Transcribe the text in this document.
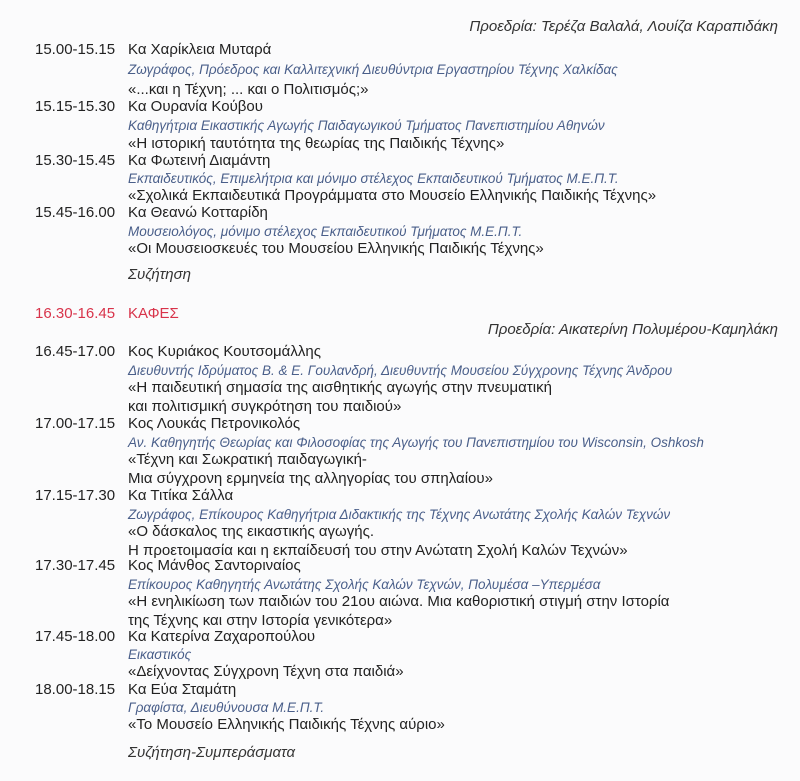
Προεδρία: Τερέζα Βαλαλά, Λουίζα Καραπιδάκη
15.00-15.15 Κα Χαρίκλεια Μυταρά
Ζωγράφος, Πρόεδρος και Καλλιτεχνική Διευθύντρια Εργαστηρίου Τέχνης Χαλκίδας
«...και η Τέχνη; ... και ο Πολιτισμός;»
15.15-15.30 Κα Ουρανία Κούβου
Καθηγήτρια Εικαστικής Αγωγής Παιδαγωγικού Τμήματος Πανεπιστημίου Αθηνών
«Η ιστορική ταυτότητα της θεωρίας της Παιδικής Τέχνης»
15.30-15.45 Κα Φωτεινή Διαμάντη
Εκπαιδευτικός, Επιμελήτρια και μόνιμο στέλεχος Εκπαιδευτικού Τμήματος Μ.Ε.Π.Τ.
«Σχολικά Εκπαιδευτικά Προγράμματα στο Μουσείο Ελληνικής Παιδικής Τέχνης»
15.45-16.00 Κα Θεανώ Κοτταρίδη
Μουσειολόγος, μόνιμο στέλεχος Εκπαιδευτικού Τμήματος Μ.Ε.Π.Τ.
«Οι Μουσειοσκευές του Μουσείου Ελληνικής Παιδικής Τέχνης»
Συζήτηση
16.30-16.45 ΚΑΦΕΣ
Προεδρία: Αικατερίνη Πολυμέρου-Καμηλάκη
16.45-17.00 Κος Κυριάκος Κουτσομάλλης
Διευθυντής Ιδρύματος Β. & Ε. Γουλανδρή, Διευθυντής Μουσείου Σύγχρονης Τέχνης Άνδρου
«Η παιδευτική σημασία της αισθητικής αγωγής στην πνευματική
και πολιτισμική συγκρότηση του παιδιού»
17.00-17.15 Κος Λουκάς Πετρονικολός
Αν. Καθηγητής Θεωρίας και Φιλοσοφίας της Αγωγής του Πανεπιστημίου του Wisconsin, Oshkosh
«Τέχνη και Σωκρατική παιδαγωγική-
Μια σύγχρονη ερμηνεία της αλληγορίας του σπηλαίου»
17.15-17.30 Κα Τιτίκα Σάλλα
Ζωγράφος, Επίκουρος Καθηγήτρια Διδακτικής της Τέχνης Ανωτάτης Σχολής Καλών Τεχνών
«Ο δάσκαλος της εικαστικής αγωγής.
Η προετοιμασία και η εκπαίδευσή του στην Ανώτατη Σχολή Καλών Τεχνών»
17.30-17.45 Κος Μάνθος Σαντοριναίος
Επίκουρος Καθηγητής Ανωτάτης Σχολής Καλών Τεχνών, Πολυμέσα –Υπερμέσα
«Η ενηλικίωση των παιδιών του 21ου αιώνα. Μια καθοριστική στιγμή στην Ιστορία
της Τέχνης και στην Ιστορία γενικότερα»
17.45-18.00 Κα Κατερίνα Ζαχαροπούλου
Εικαστικός
«Δείχνοντας Σύγχρονη Τέχνη στα παιδιά»
18.00-18.15 Κα Εύα Σταμάτη
Γραφίστα, Διευθύνουσα Μ.Ε.Π.Τ.
«Το Μουσείο Ελληνικής Παιδικής Τέχνης αύριο»
Συζήτηση-Συμπεράσματα
